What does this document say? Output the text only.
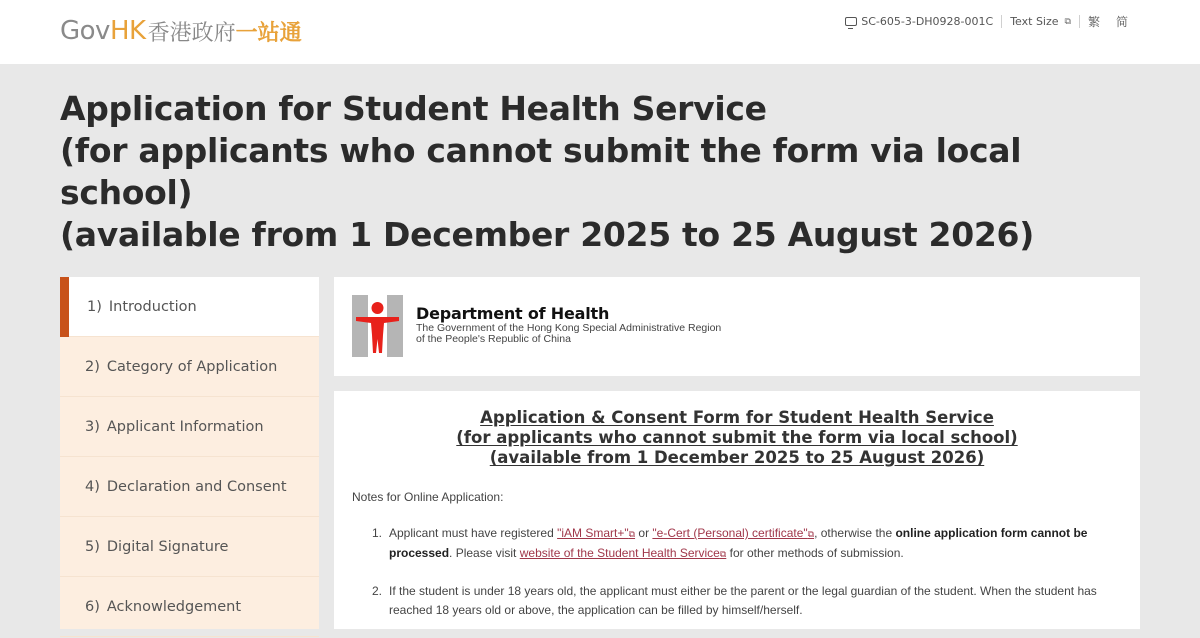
Gov HK 香港政府 一站通	SC-605-3-DH0928-001C Text Size ⧉	繁	简
Application for Student Health Service
(for applicants who cannot submit the form via local
school)
(available from 1 December 2025 to 25 August 2026)
1) Introduction
2) Category of Application
3) Applicant Information
4) Declaration and Consent
5) Digital Signature
6) Acknowledgement
Department of Health
The Government of the Hong Kong Special Administrative Region
of the People's Republic of China
Application & Consent Form for Student Health Service
(for applicants who cannot submit the form via local school)
(available from 1 December 2025 to 25 August 2026)
Notes for Online Application:
1. Applicant must have registered "iAM Smart+"⧉ or "e-Cert (Personal) certificate"⧉, otherwise the online application form cannot be processed. Please visit website of the Student Health Service⧉ for other methods of submission.
2. If the student is under 18 years old, the applicant must either be the parent or the legal guardian of the student. When the student has reached 18 years old or above, the application can be filled by himself/herself.
